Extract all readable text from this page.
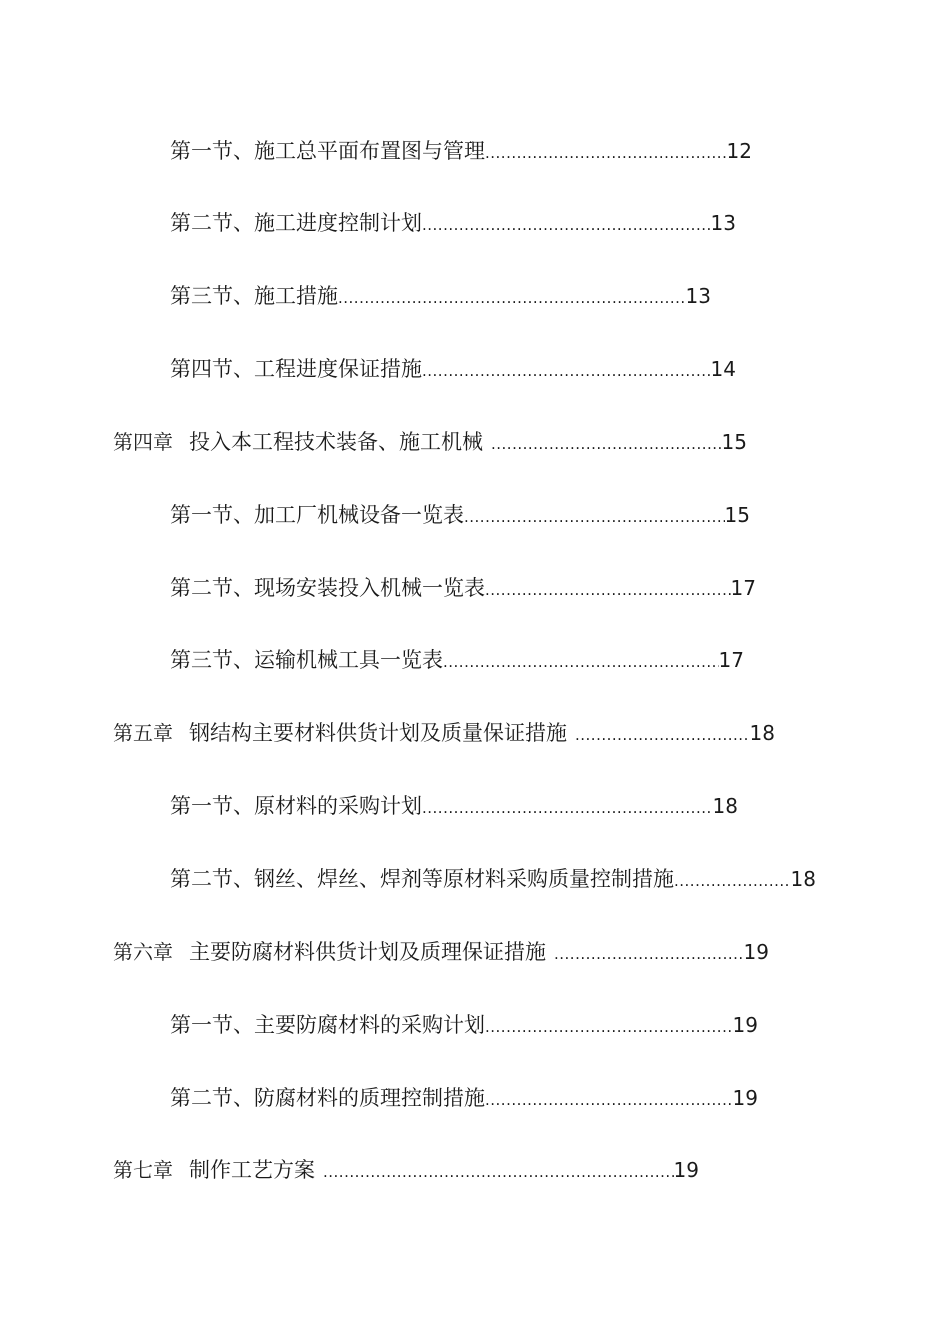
第一节、施工总平面布置图与管理 .....	12
第二节、施工进度控制计划 .....	13
第三节、施工措施 .....	13
第四节、工程进度保证措施 .....	14
第四章 投入本工程技术装备、施工机械 .....	15
第一节、加工厂机械设备一览表 .....	15
第二节、现场安装投入机械一览表 .....	17
第三节、运输机械工具一览表 .....	17
第五章 钢结构主要材料供货计划及质量保证措施 .....	18
第一节、原材料的采购计划 .....	18
第二节、钢丝、焊丝、焊剂等原材料采购质量控制措施 .....	18
第六章 主要防腐材料供货计划及质理保证措施 .....	19
第一节、主要防腐材料的采购计划 .....	19
第二节、防腐材料的质理控制措施 .....	19
第七章 制作工艺方案 .....	19
